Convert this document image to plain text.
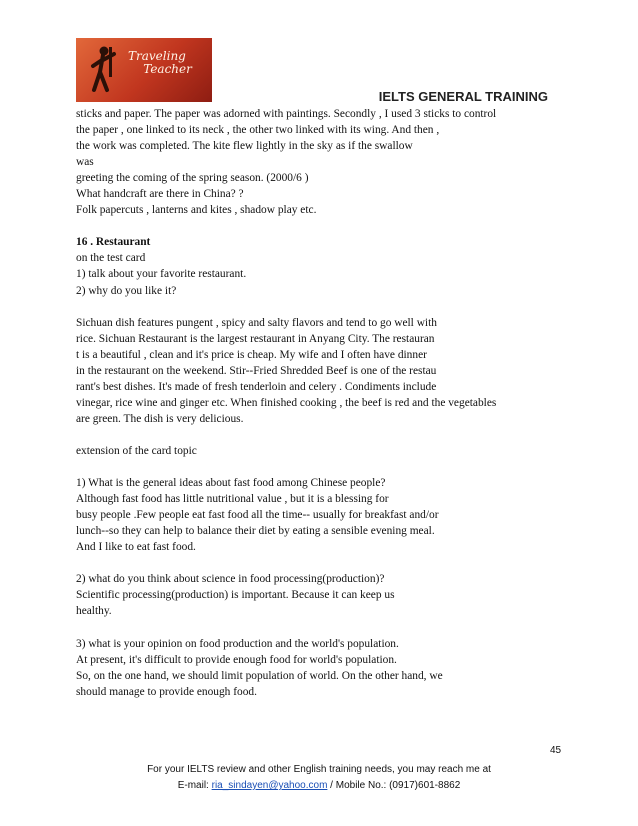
Traveling
Teacher
IELTS GENERAL TRAINING
sticks and paper. The paper was adorned with paintings. Secondly , I used 3 sticks to control
the paper , one linked to its neck , the other two linked with its wing. And then ,
the work was completed. The kite flew lightly in the sky as if the swallow
was
greeting the coming of the spring season. (2000/6 )
What handcraft are there in China? ?
Folk papercuts , lanterns and kites , shadow play etc.
16 . Restaurant
on the test card
1) talk about your favorite restaurant.
2) why do you like it?
Sichuan dish features pungent , spicy and salty flavors and tend to go well with
rice. Sichuan Restaurant is the largest restaurant in Anyang City. The restauran
t is a beautiful , clean and it's price is cheap. My wife and I often have dinner
in the restaurant on the weekend. Stir--Fried Shredded Beef is one of the restau
rant's best dishes. It's made of fresh tenderloin and celery . Condiments include
vinegar, rice wine and ginger etc. When finished cooking , the beef is red and the vegetables
are green. The dish is very delicious.
extension of the card topic
1) What is the general ideas about fast food among Chinese people?
Although fast food has little nutritional value , but it is a blessing for
busy people .Few people eat fast food all the time-- usually for breakfast and/or
lunch--so they can help to balance their diet by eating a sensible evening meal.
And I like to eat fast food.
2) what do you think about science in food processing(production)?
Scientific processing(production) is important. Because it can keep us
healthy.
3) what is your opinion on food production and the world's population.
At present, it's difficult to provide enough food for world's population.
So, on the one hand, we should limit population of world. On the other hand, we
should manage to provide enough food.
45
For your IELTS review and other English training needs, you may reach me at
E-mail: ria_sindayen@yahoo.com / Mobile No.: (0917)601-8862
